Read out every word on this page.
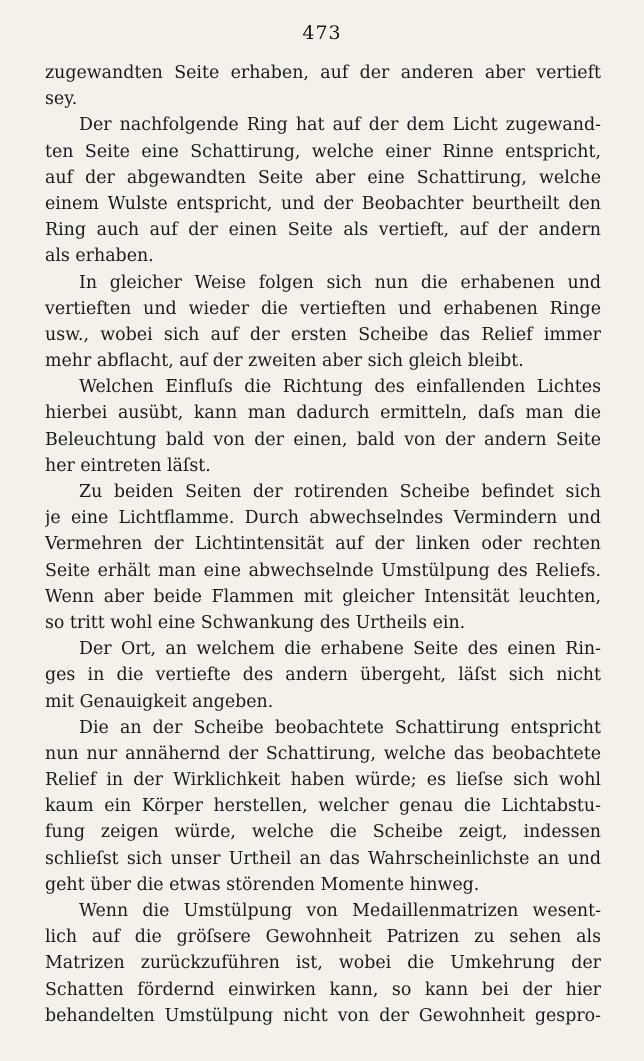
473
zugewandten Seite erhaben, auf der anderen aber vertieft
sey.
Der nachfolgende Ring hat auf der dem Licht zugewand-
ten Seite eine Schattirung, welche einer Rinne entspricht,
auf der abgewandten Seite aber eine Schattirung, welche
einem Wulste entspricht, und der Beobachter beurtheilt den
Ring auch auf der einen Seite als vertieft, auf der andern
als erhaben.
In gleicher Weise folgen sich nun die erhabenen und
vertieften und wieder die vertieften und erhabenen Ringe
usw., wobei sich auf der ersten Scheibe das Relief immer
mehr abflacht, auf der zweiten aber sich gleich bleibt.
Welchen Einfluſs die Richtung des einfallenden Lichtes
hierbei ausübt, kann man dadurch ermitteln, daſs man die
Beleuchtung bald von der einen, bald von der andern Seite
her eintreten läſst.
Zu beiden Seiten der rotirenden Scheibe befindet sich
je eine Lichtflamme. Durch abwechselndes Vermindern und
Vermehren der Lichtintensität auf der linken oder rechten
Seite erhält man eine abwechselnde Umstülpung des Reliefs.
Wenn aber beide Flammen mit gleicher Intensität leuchten,
so tritt wohl eine Schwankung des Urtheils ein.
Der Ort, an welchem die erhabene Seite des einen Rin-
ges in die vertiefte des andern übergeht, läſst sich nicht
mit Genauigkeit angeben.
Die an der Scheibe beobachtete Schattirung entspricht
nun nur annähernd der Schattirung, welche das beobachtete
Relief in der Wirklichkeit haben würde; es lieſse sich wohl
kaum ein Körper herstellen, welcher genau die Lichtabstu-
fung zeigen würde, welche die Scheibe zeigt, indessen
schlieſst sich unser Urtheil an das Wahrscheinlichste an und
geht über die etwas störenden Momente hinweg.
Wenn die Umstülpung von Medaillenmatrizen wesent-
lich auf die gröſsere Gewohnheit Patrizen zu sehen als
Matrizen zurückzuführen ist, wobei die Umkehrung der
Schatten fördernd einwirken kann, so kann bei der hier
behandelten Umstülpung nicht von der Gewohnheit gespro-
